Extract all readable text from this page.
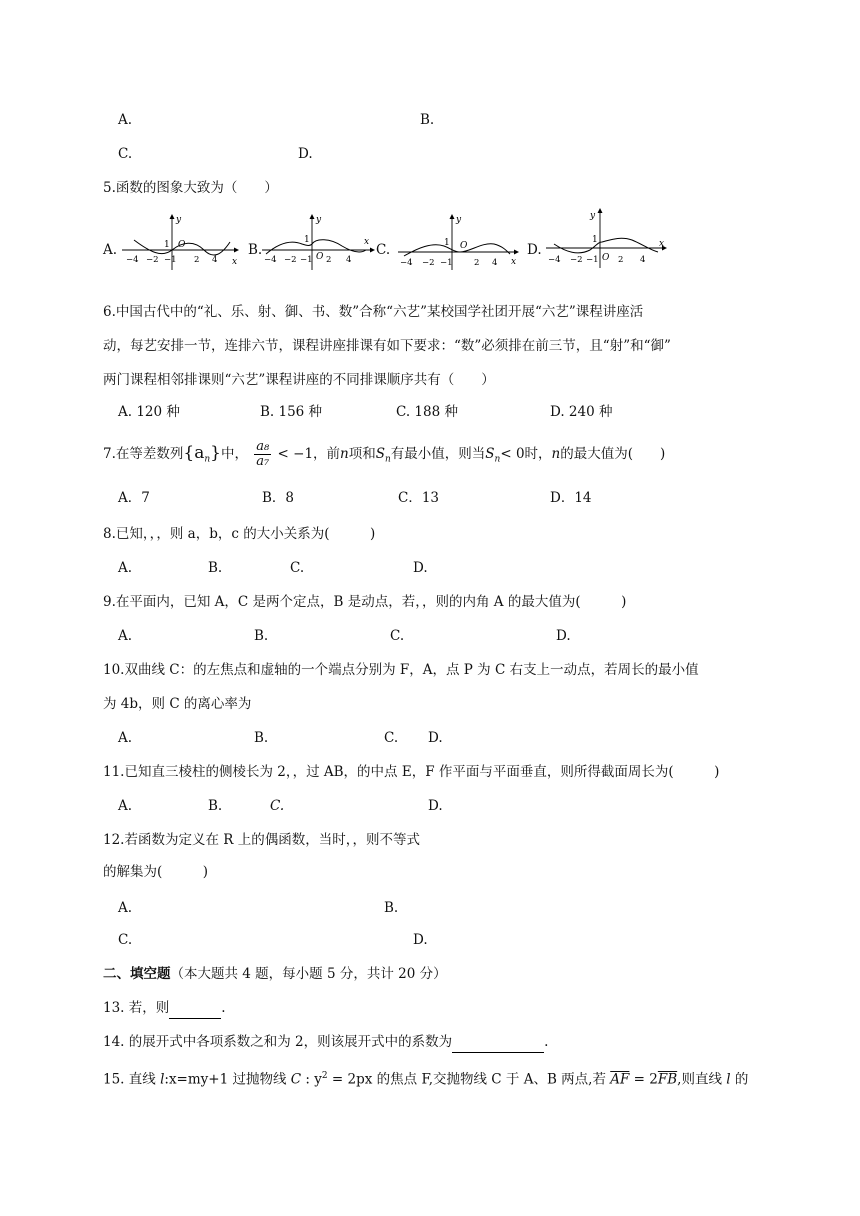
A.	B.
C.	D.
5.函数的图象大致为（　　）
A.	B.	C.	D.
y
x
1 O
−4 −2 −1 2 4
y
x
1
O
−4 −2 −1 2 4
y
x
1 O
−4 −2 −1	2 4
y
x
1
O
−4 −2 −1 2 4
6.中国古代中的“礼、乐、射、御、书、数”合称“六艺”某校国学社团开展“六艺”课程讲座活
动，每艺安排一节，连排六节，课程讲座排课有如下要求：“数”必须排在前三节，且“射”和“御”
两门课程相邻排课则“六艺”课程讲座的不同排课顺序共有（　　）
A. 120 种	B. 156 种	C. 188 种	D. 240 种
7.在等差数列$\{a_n\}$中， $\frac{\text{a₈}}{\text{a₇}} < -1$，前n项和$S_n$有最小值，则当$S_n< 0$时，n的最大值为(　　)
A．7	B．8	C．13	D．14
8.已知，，，则 a，b，c 的大小关系为(　　　)
A.	B.	C.	D.
9.在平面内，已知 A，C 是两个定点，B 是动点，若，，则的内角 A 的最大值为(　　　)
A.	B.	C.	D.
10.双曲线 C：的左焦点和虚轴的一个端点分别为 F，A，点 P 为 C 右支上一动点，若周长的最小值
为 4b，则 C 的离心率为
A.	B.	C. D.
11.已知直三棱柱的侧棱长为 2，，过 AB，的中点 E，F 作平面与平面垂直，则所得截面周长为(　　　)
A.	B.	C.	D.
12.若函数为定义在 R 上的偶函数，当时，，则不等式
的解集为(　　　)
A.	B.
C.	D.
二、填空题（本大题共 4 题，每小题 5 分，共计 20 分）
13. 若，则	.
14. 的展开式中各项系数之和为 2，则该展开式中的系数为	.
15. 直线 l:x=my+1 过抛物线 C : $y^2 = 2px$ 的焦点 F,交抛物线 C 于 A、B 两点,若 $\overline{AF} = 2\overline{FB}$,则直线 l 的
